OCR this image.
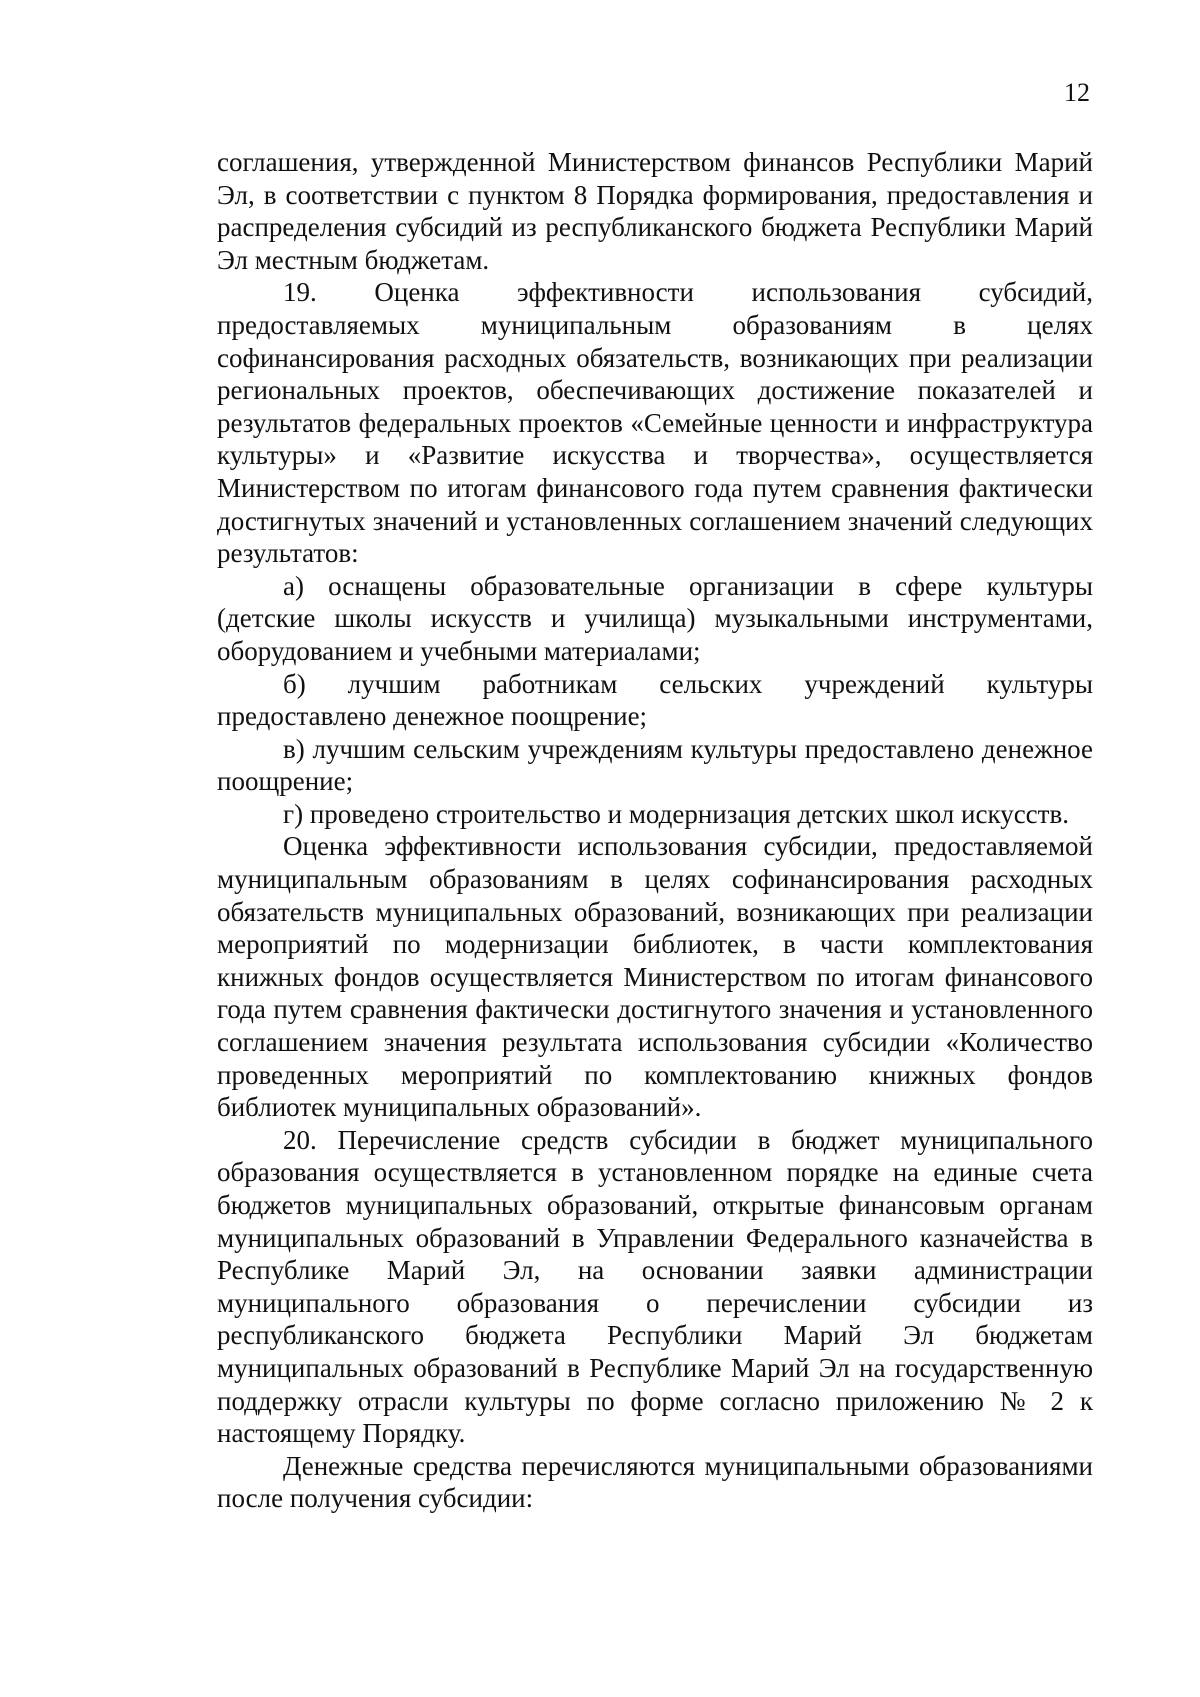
12

соглашения, утвержденной Министерством финансов Республики Марий Эл, в соответствии с пунктом 8 Порядка формирования, предоставления и распределения субсидий из республиканского бюджета Республики Марий Эл местным бюджетам.

19. Оценка эффективности использования субсидий, предоставляемых муниципальным образованиям в целях софинансирования расходных обязательств, возникающих при реализации региональных проектов, обеспечивающих достижение показателей и результатов федеральных проектов «Семейные ценности и инфраструктура культуры» и «Развитие искусства и творчества», осуществляется Министерством по итогам финансового года путем сравнения фактически достигнутых значений и установленных соглашением значений следующих результатов:

а) оснащены образовательные организации в сфере культуры (детские школы искусств и училища) музыкальными инструментами, оборудованием и учебными материалами;

б) лучшим работникам сельских учреждений культуры предоставлено денежное поощрение;

в) лучшим сельским учреждениям культуры предоставлено денежное поощрение;

г) проведено строительство и модернизация детских школ искусств.

Оценка эффективности использования субсидии, предоставляемой муниципальным образованиям в целях софинансирования расходных обязательств муниципальных образований, возникающих при реализации мероприятий по модернизации библиотек, в части комплектования книжных фондов осуществляется Министерством по итогам финансового года путем сравнения фактически достигнутого значения и установленного соглашением значения результата использования субсидии «Количество проведенных мероприятий по комплектованию книжных фондов библиотек муниципальных образований».

20. Перечисление средств субсидии в бюджет муниципального образования осуществляется в установленном порядке на единые счета бюджетов муниципальных образований, открытые финансовым органам муниципальных образований в Управлении Федерального казначейства в Республике Марий Эл, на основании заявки администрации муниципального образования о перечислении субсидии из республиканского бюджета Республики Марий Эл бюджетам муниципальных образований в Республике Марий Эл на государственную поддержку отрасли культуры по форме согласно приложению № 2 к настоящему Порядку.

Денежные средства перечисляются муниципальными образованиями после получения субсидии:
